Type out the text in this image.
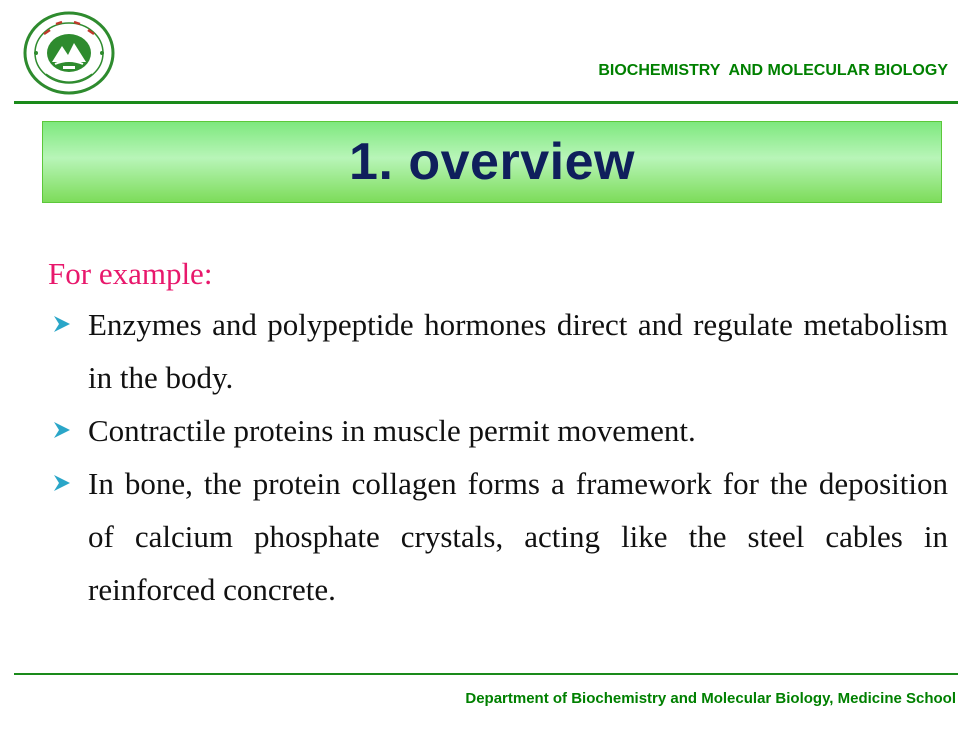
BIOCHEMISTRY  AND MOLECULAR BIOLOGY
1. overview
For example:
Enzymes and polypeptide hormones direct and regulate metabolism in the body.
Contractile proteins in muscle permit movement.
In bone, the protein collagen forms a framework for the deposition of calcium phosphate crystals, acting like the steel cables in reinforced concrete.
Department of Biochemistry and Molecular Biology, Medicine School
